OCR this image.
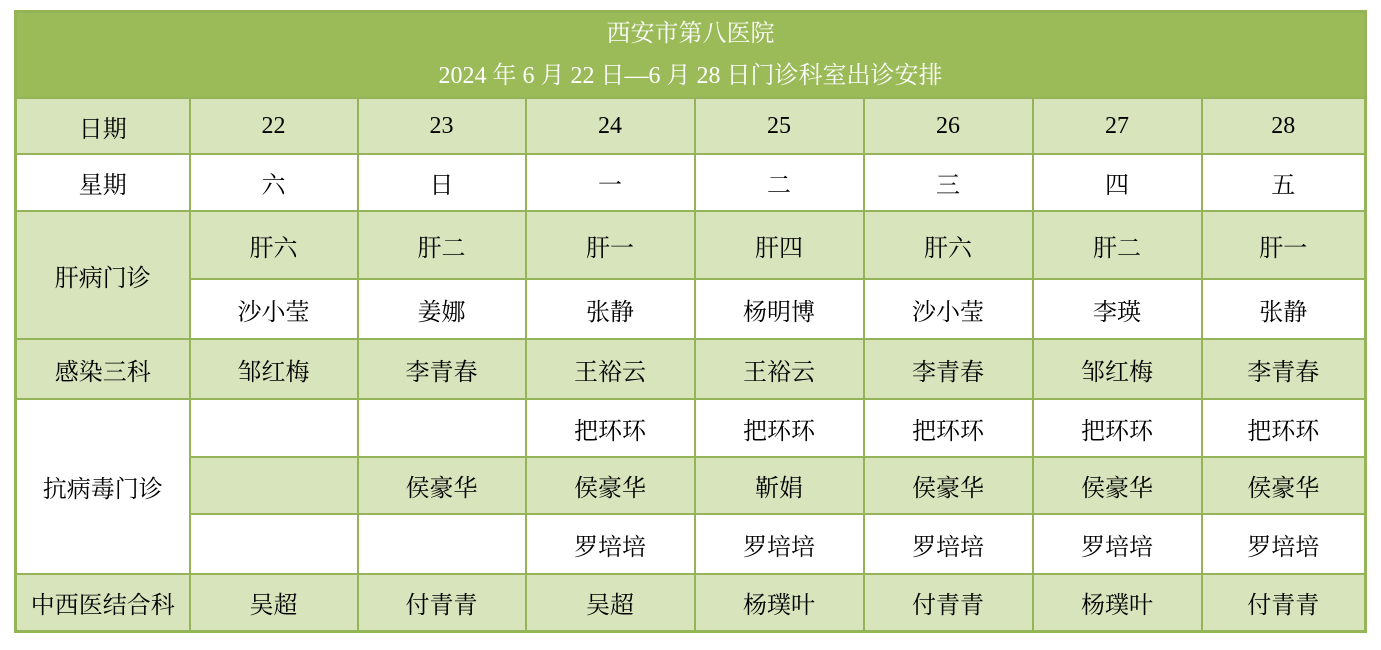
西安市第八医院
2024 年 6 月 22 日—6 月 28 日门诊科室出诊安排							

日期	22	23	24	25	26	27	28
星期	六	日	一	二	三	四	五
肝病门诊	肝六	肝二	肝一	肝四	肝六	肝二	肝一
	沙小莹	姜娜	张静	杨明博	沙小莹	李瑛	张静
感染三科	邹红梅	李青春	王裕云	王裕云	李青春	邹红梅	李青春
抗病毒门诊			把环环	把环环	把环环	把环环	把环环
		侯豪华	侯豪华	靳娟	侯豪华	侯豪华	侯豪华
			罗培培	罗培培	罗培培	罗培培	罗培培
中西医结合科	吴超	付青青	吴超	杨璞叶	付青青	杨璞叶	付青青
